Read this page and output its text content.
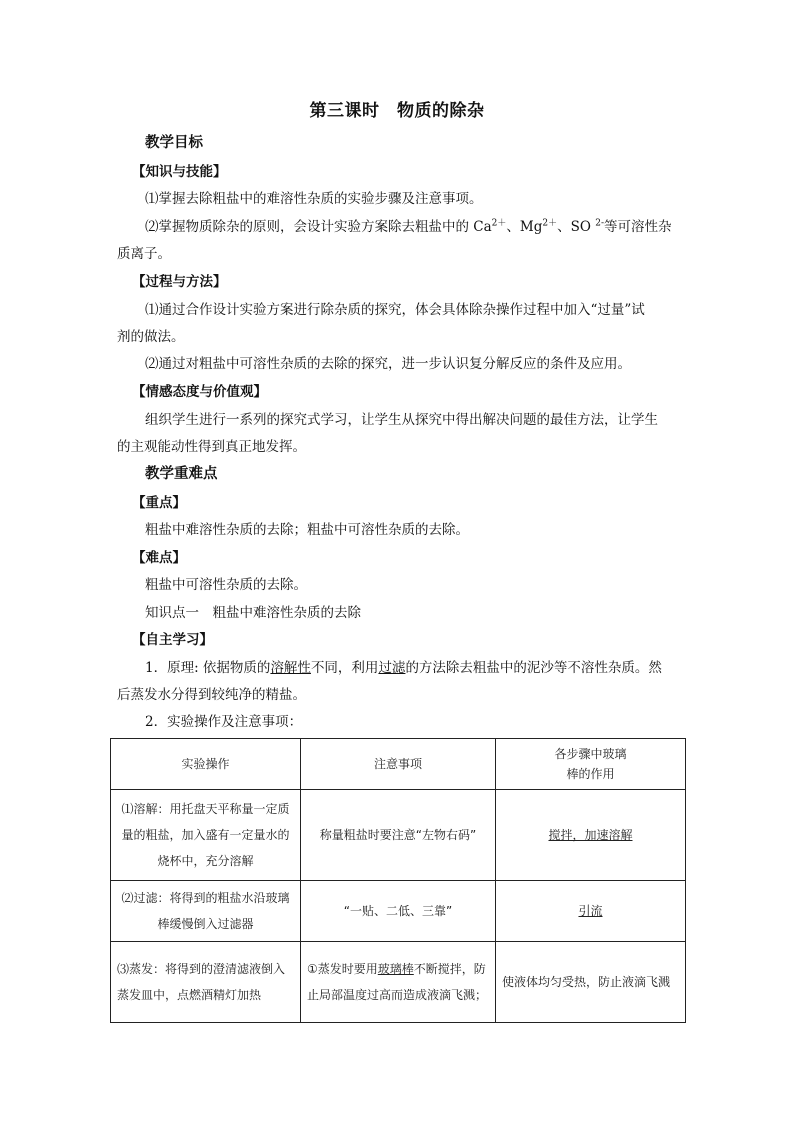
第三课时　物质的除杂
教学目标
【知识与技能】
⑴掌握去除粗盐中的难溶性杂质的实验步骤及注意事项。
⑵掌握物质除杂的原则，会设计实验方案除去粗盐中的 $Ca^{2+}$、$Mg^{2+}$、SO $^{2-}$等可溶性杂
质离子。
【过程与方法】
⑴通过合作设计实验方案进行除杂质的探究，体会具体除杂操作过程中加入“过量”试
剂的做法。
⑵通过对粗盐中可溶性杂质的去除的探究，进一步认识复分解反应的条件及应用。
【情感态度与价值观】
组织学生进行一系列的探究式学习，让学生从探究中得出解决问题的最佳方法，让学生
的主观能动性得到真正地发挥。
教学重难点
【重点】
粗盐中难溶性杂质的去除；粗盐中可溶性杂质的去除。
【难点】
粗盐中可溶性杂质的去除。
知识点一　粗盐中难溶性杂质的去除
【自主学习】
1．原理: 依据物质的溶解性不同，利用过滤的方法除去粗盐中的泥沙等不溶性杂质。然
后蒸发水分得到较纯净的精盐。
2．实验操作及注意事项：
实验操作	注意事项	各步骤中玻璃
棒的作用

⑴溶解：用托盘天平称量一定质量的粗盐，加入盛有一定量水的烧杯中，充分溶解	称量粗盐时要注意“左物右码”	搅拌，加速溶解
⑵过滤：将得到的粗盐水沿玻璃棒缓慢倒入过滤器	“一贴、二低、三靠”	引流
⑶蒸发：将得到的澄清滤液倒入蒸发皿中，点燃酒精灯加热	①蒸发时要用玻璃棒不断搅拌，防止局部温度过高而造成液滴飞溅；	使液体均匀受热，防止液滴飞溅
